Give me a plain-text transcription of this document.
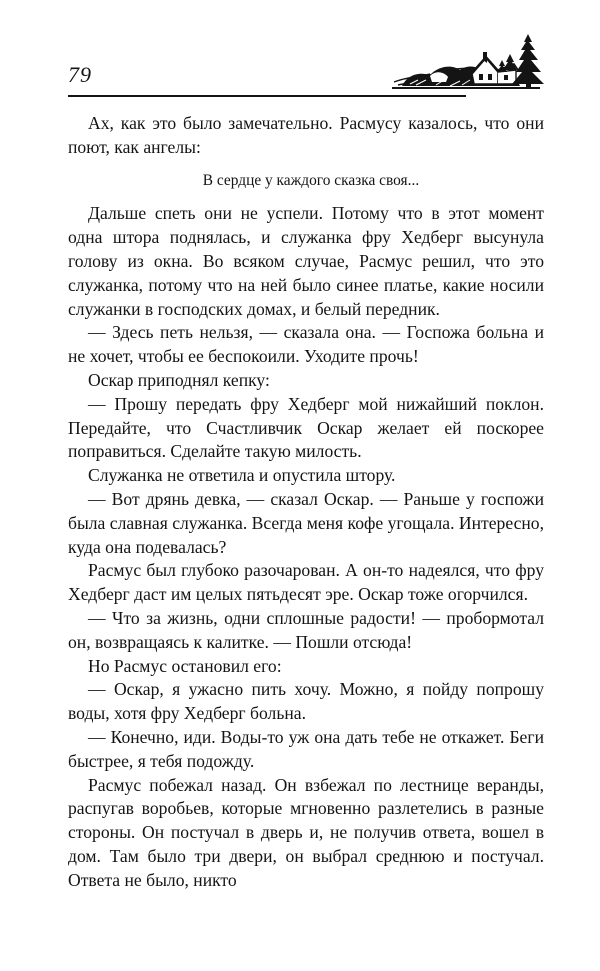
79

Ах, как это было замечательно. Расмусу казалось, что они поют, как ангелы:

В сердце у каждого сказка своя...

Дальше спеть они не успели. Потому что в этот момент одна штора поднялась, и служанка фру Хедберг высунула голову из окна. Во всяком случае, Расмус решил, что это служанка, потому что на ней было синее платье, какие носили служанки в господских домах, и белый передник.

— Здесь петь нельзя, — сказала она. — Госпожа больна и не хочет, чтобы ее беспокоили. Уходите прочь!

Оскар приподнял кепку:

— Прошу передать фру Хедберг мой нижайший поклон. Передайте, что Счастливчик Оскар желает ей поскорее поправиться. Сделайте такую милость.

Служанка не ответила и опустила штору.

— Вот дрянь девка, — сказал Оскар. — Раньше у госпожи была славная служанка. Всегда меня кофе угощала. Интересно, куда она подевалась?

Расмус был глубоко разочарован. А он-то надеялся, что фру Хедберг даст им целых пятьдесят эре. Оскар тоже огорчился.

— Что за жизнь, одни сплошные радости! — пробормотал он, возвращаясь к калитке. — Пошли отсюда!

Но Расмус остановил его:

— Оскар, я ужасно пить хочу. Можно, я пойду попрошу воды, хотя фру Хедберг больна.

— Конечно, иди. Воды-то уж она дать тебе не откажет. Беги быстрее, я тебя подожду.

Расмус побежал назад. Он взбежал по лестнице веранды, распугав воробьев, которые мгновенно разлетелись в разные стороны. Он постучал в дверь и, не получив ответа, вошел в дом. Там было три двери, он выбрал среднюю и постучал. Ответа не было, никто
